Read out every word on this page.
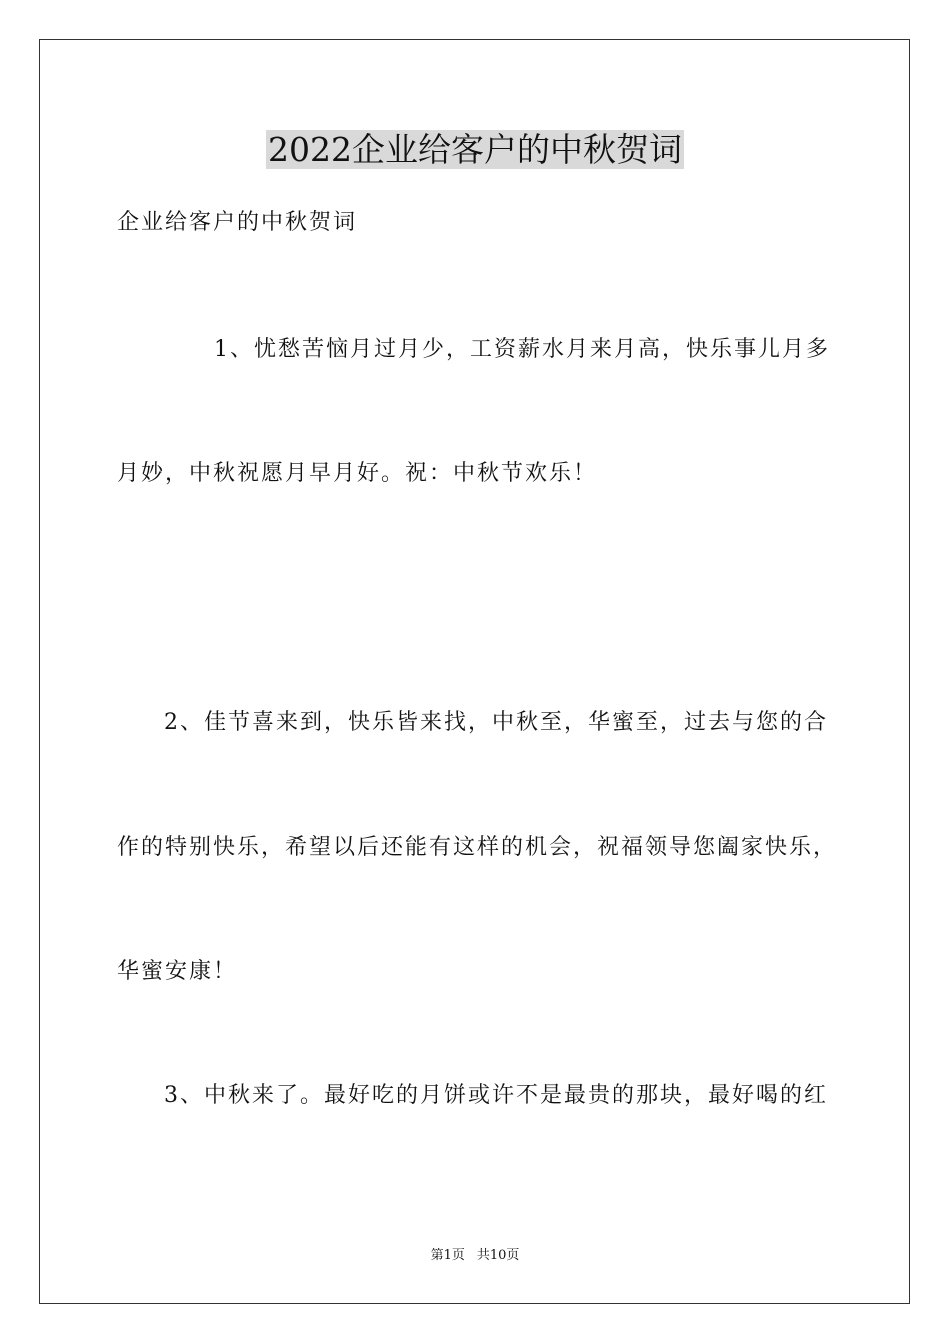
2022企业给客户的中秋贺词
企业给客户的中秋贺词
1、忧愁苦恼月过月少，工资薪水月来月高，快乐事儿月多
月妙，中秋祝愿月早月好。祝：中秋节欢乐！
2、佳节喜来到，快乐皆来找，中秋至，华蜜至，过去与您的合
作的特别快乐，希望以后还能有这样的机会，祝福领导您阖家快乐，
华蜜安康！
3、中秋来了。最好吃的月饼或许不是最贵的那块，最好喝的红
第1页 共10页
